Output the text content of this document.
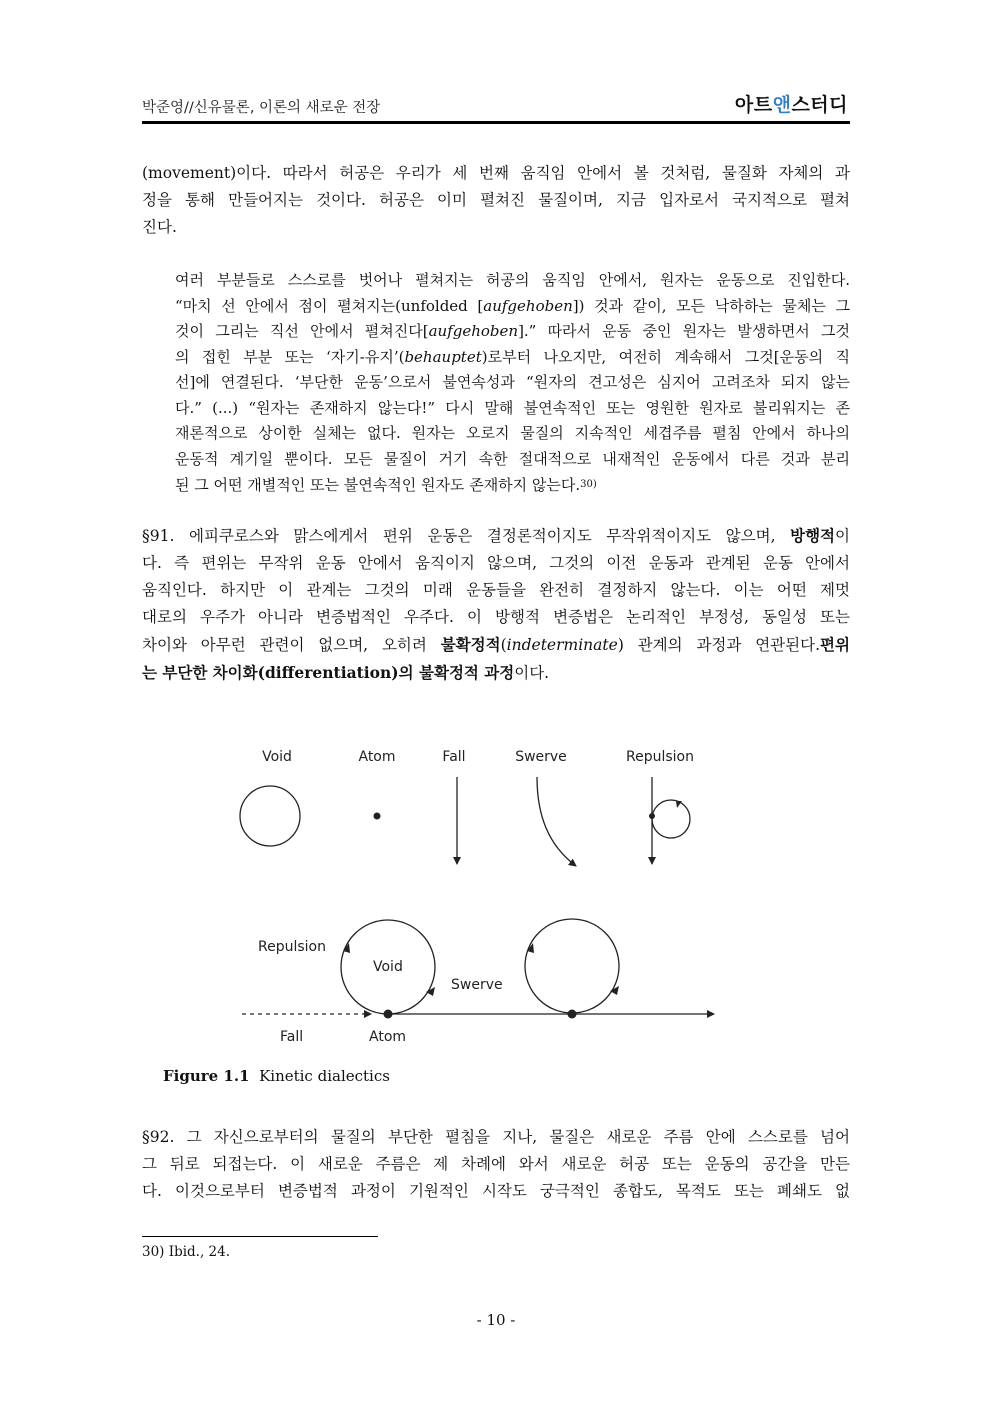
박준영//신유물론, 이론의 새로운 전장	아트앤스터디
(movement)이다. 따라서 허공은 우리가 세 번째 움직임 안에서 볼 것처럼, 물질화 자체의 과
정을 통해 만들어지는 것이다. 허공은 이미 펼쳐진 물질이며, 지금 입자로서 국지적으로 펼쳐
진다.
여러 부분들로 스스로를 벗어나 펼쳐지는 허공의 움직임 안에서, 원자는 운동으로 진입한다.
“마치 선 안에서 점이 펼쳐지는(unfolded [aufgehoben]) 것과 같이, 모든 낙하하는 물체는 그
것이 그리는 직선 안에서 펼쳐진다[aufgehoben].” 따라서 운동 중인 원자는 발생하면서 그것
의 접힌 부분 또는 ‘자기-유지’(behauptet)로부터 나오지만, 여전히 계속해서 그것[운동의 직
선]에 연결된다. ‘부단한 운동’으로서 불연속성과 “원자의 견고성은 심지어 고려조차 되지 않는
다.” (...) “원자는 존재하지 않는다!” 다시 말해 불연속적인 또는 영원한 원자로 불리워지는 존
재론적으로 상이한 실체는 없다. 원자는 오로지 물질의 지속적인 세겹주름 펼침 안에서 하나의
운동적 계기일 뿐이다. 모든 물질이 거기 속한 절대적으로 내재적인 운동에서 다른 것과 분리
된 그 어떤 개별적인 또는 불연속적인 원자도 존재하지 않는다.$^{30)}$
§91. 에피쿠로스와 맑스에게서 편위 운동은 결정론적이지도 무작위적이지도 않으며, 방행적이
다. 즉 편위는 무작위 운동 안에서 움직이지 않으며, 그것의 이전 운동과 관계된 운동 안에서
움직인다. 하지만 이 관계는 그것의 미래 운동들을 완전히 결정하지 않는다. 이는 어떤 제멋
대로의 우주가 아니라 변증법적인 우주다. 이 방행적 변증법은 논리적인 부정성, 동일성 또는
차이와 아무런 관련이 없으며, 오히려 불확정적(indeterminate) 관계의 과정과 연관된다.편위
는 부단한 차이화(differentiation)의 불확정적 과정이다.
Void	Atom	Fall	Swerve	Repulsion
Repulsion
Void
Swerve
Fall	Atom
Figure 1.1 Kinetic dialectics
§92. 그 자신으로부터의 물질의 부단한 펼침을 지나, 물질은 새로운 주름 안에 스스로를 넘어
그 뒤로 되접는다. 이 새로운 주름은 제 차례에 와서 새로운 허공 또는 운동의 공간을 만든
다. 이것으로부터 변증법적 과정이 기원적인 시작도 궁극적인 종합도, 목적도 또는 폐쇄도 없
30) Ibid., 24.
- 10 -
